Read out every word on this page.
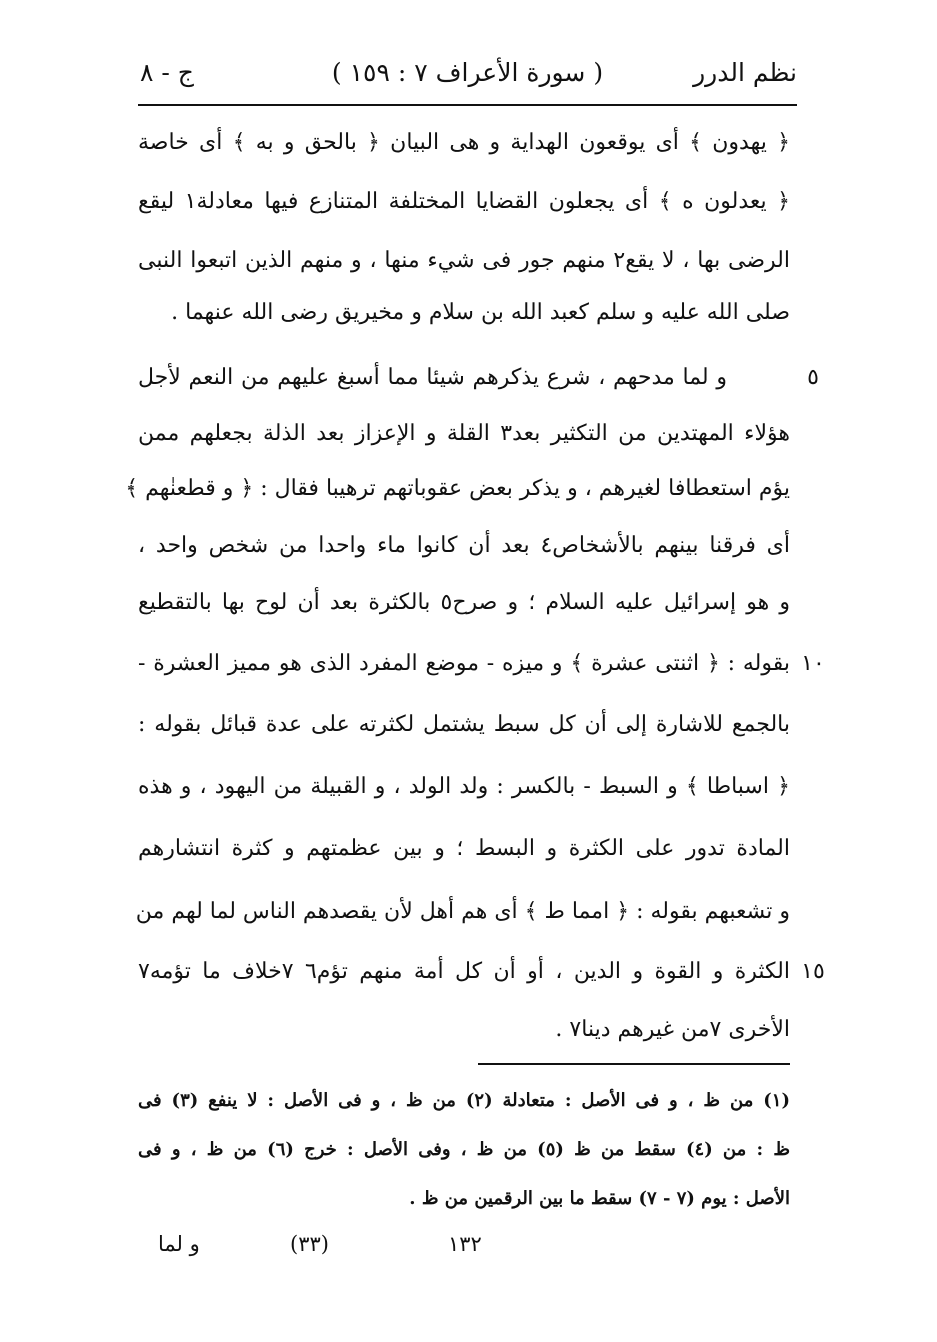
نظم الدرر
( سورة الأعراف ٧ : ١٥٩ )
ج - ٨
﴿ يهدون ﴾ أى يوقعون الهداية و هى البيان ﴿ بالحق و به ﴾ أى خاصة
﴿ يعدلون ه ﴾ أى يجعلون القضايا المختلفة المتنازع فيها معادلة١ ليقع
الرضى بها ، لا يقع٢ منهم جور فى شيء منها ، و منهم الذين اتبعوا النبى
صلى الله عليه و سلم كعبد الله بن سلام و مخيريق رضى الله عنهما .
و لما مدحهم ، شرع يذكرهم شيئا مما أسبغ عليهم من النعم لأجل
هؤلاء المهتدين من التكثير بعد٣ القلة و الإعزاز بعد الذلة بجعلهم ممن
يؤم استعطافا لغيرهم ، و يذكر بعض عقوباتهم ترهيبا فقال : ﴿ و قطعنٰهم ﴾
أى فرقنا بينهم بالأشخاص٤ بعد أن كانوا ماء واحدا من شخص واحد ،
و هو إسرائيل عليه السلام ؛ و صرح٥ بالكثرة بعد أن لوح بها بالتقطيع
بقوله : ﴿ اثنتى عشرة ﴾ و ميزه - موضع المفرد الذى هو مميز العشرة -
بالجمع للاشارة إلى أن كل سبط يشتمل لكثرته على عدة قبائل بقوله :
﴿ اسباطا ﴾ و السبط - بالكسر : ولد الولد ، و القبيلة من اليهود ، و هذه
المادة تدور على الكثرة و البسط ؛ و بين عظمتهم و كثرة انتشارهم
و تشعبهم بقوله : ﴿ امما ط ﴾ أى هم أهل لأن يقصدهم الناس لما لهم من
الكثرة و القوة و الدين ، أو أن كل أمة منهم تؤم٦ ٧خلاف ما تؤمه٧
الأخرى ٧من غيرهم دينا٧ .
٥
١٠
١٥
(١) من ظ ، و فى الأصل : متعادلة (٢) من ظ ، و فى الأصل : لا ينفع (٣) فى
ظ : من (٤) سقط من ظ (٥) من ظ ، وفى الأصل : خرج (٦) من ظ ، و فى
الأصل : يوم (٧ - ٧) سقط ما بين الرقمين من ظ .
١٣٢
(٣٣)
و لما
